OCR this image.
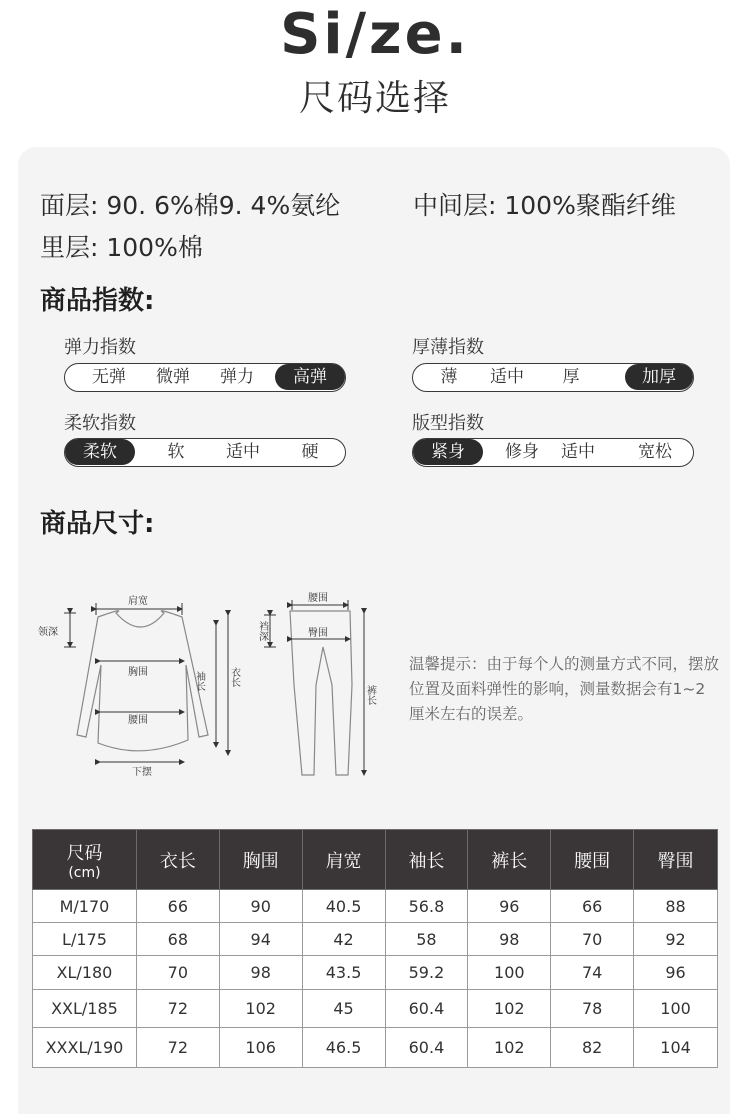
Si/ze.
尺码选择
面层: 90. 6%棉9. 4%氨纶	中间层: 100%聚酯纤维
里层: 100%棉
商品指数:
弹力指数
无弹	微弹	弹力	高弹
厚薄指数
薄	适中	厚	加厚
柔软指数
柔软	软	适中	硬
版型指数
紧身	修身	适中	宽松
商品尺寸:
肩宽
领深
胸围
腰围
下摆
袖长 衣长
腰围
裆深	臀围
裤长
温馨提示：由于每个人的测量方式不同，摆放位置及面料弹性的影响，测量数据会有1~2厘米左右的误差。
尺码
(cm)	衣长	胸围	肩宽	袖长	裤长	腰围	臀围
M/170	66	90	40.5	56.8	96	66	88
L/175	68	94	42	58	98	70	92
XL/180	70	98	43.5	59.2	100	74	96
XXL/185	72	102	45	60.4	102	78	100
XXXL/190	72	106	46.5	60.4	102	82	104
